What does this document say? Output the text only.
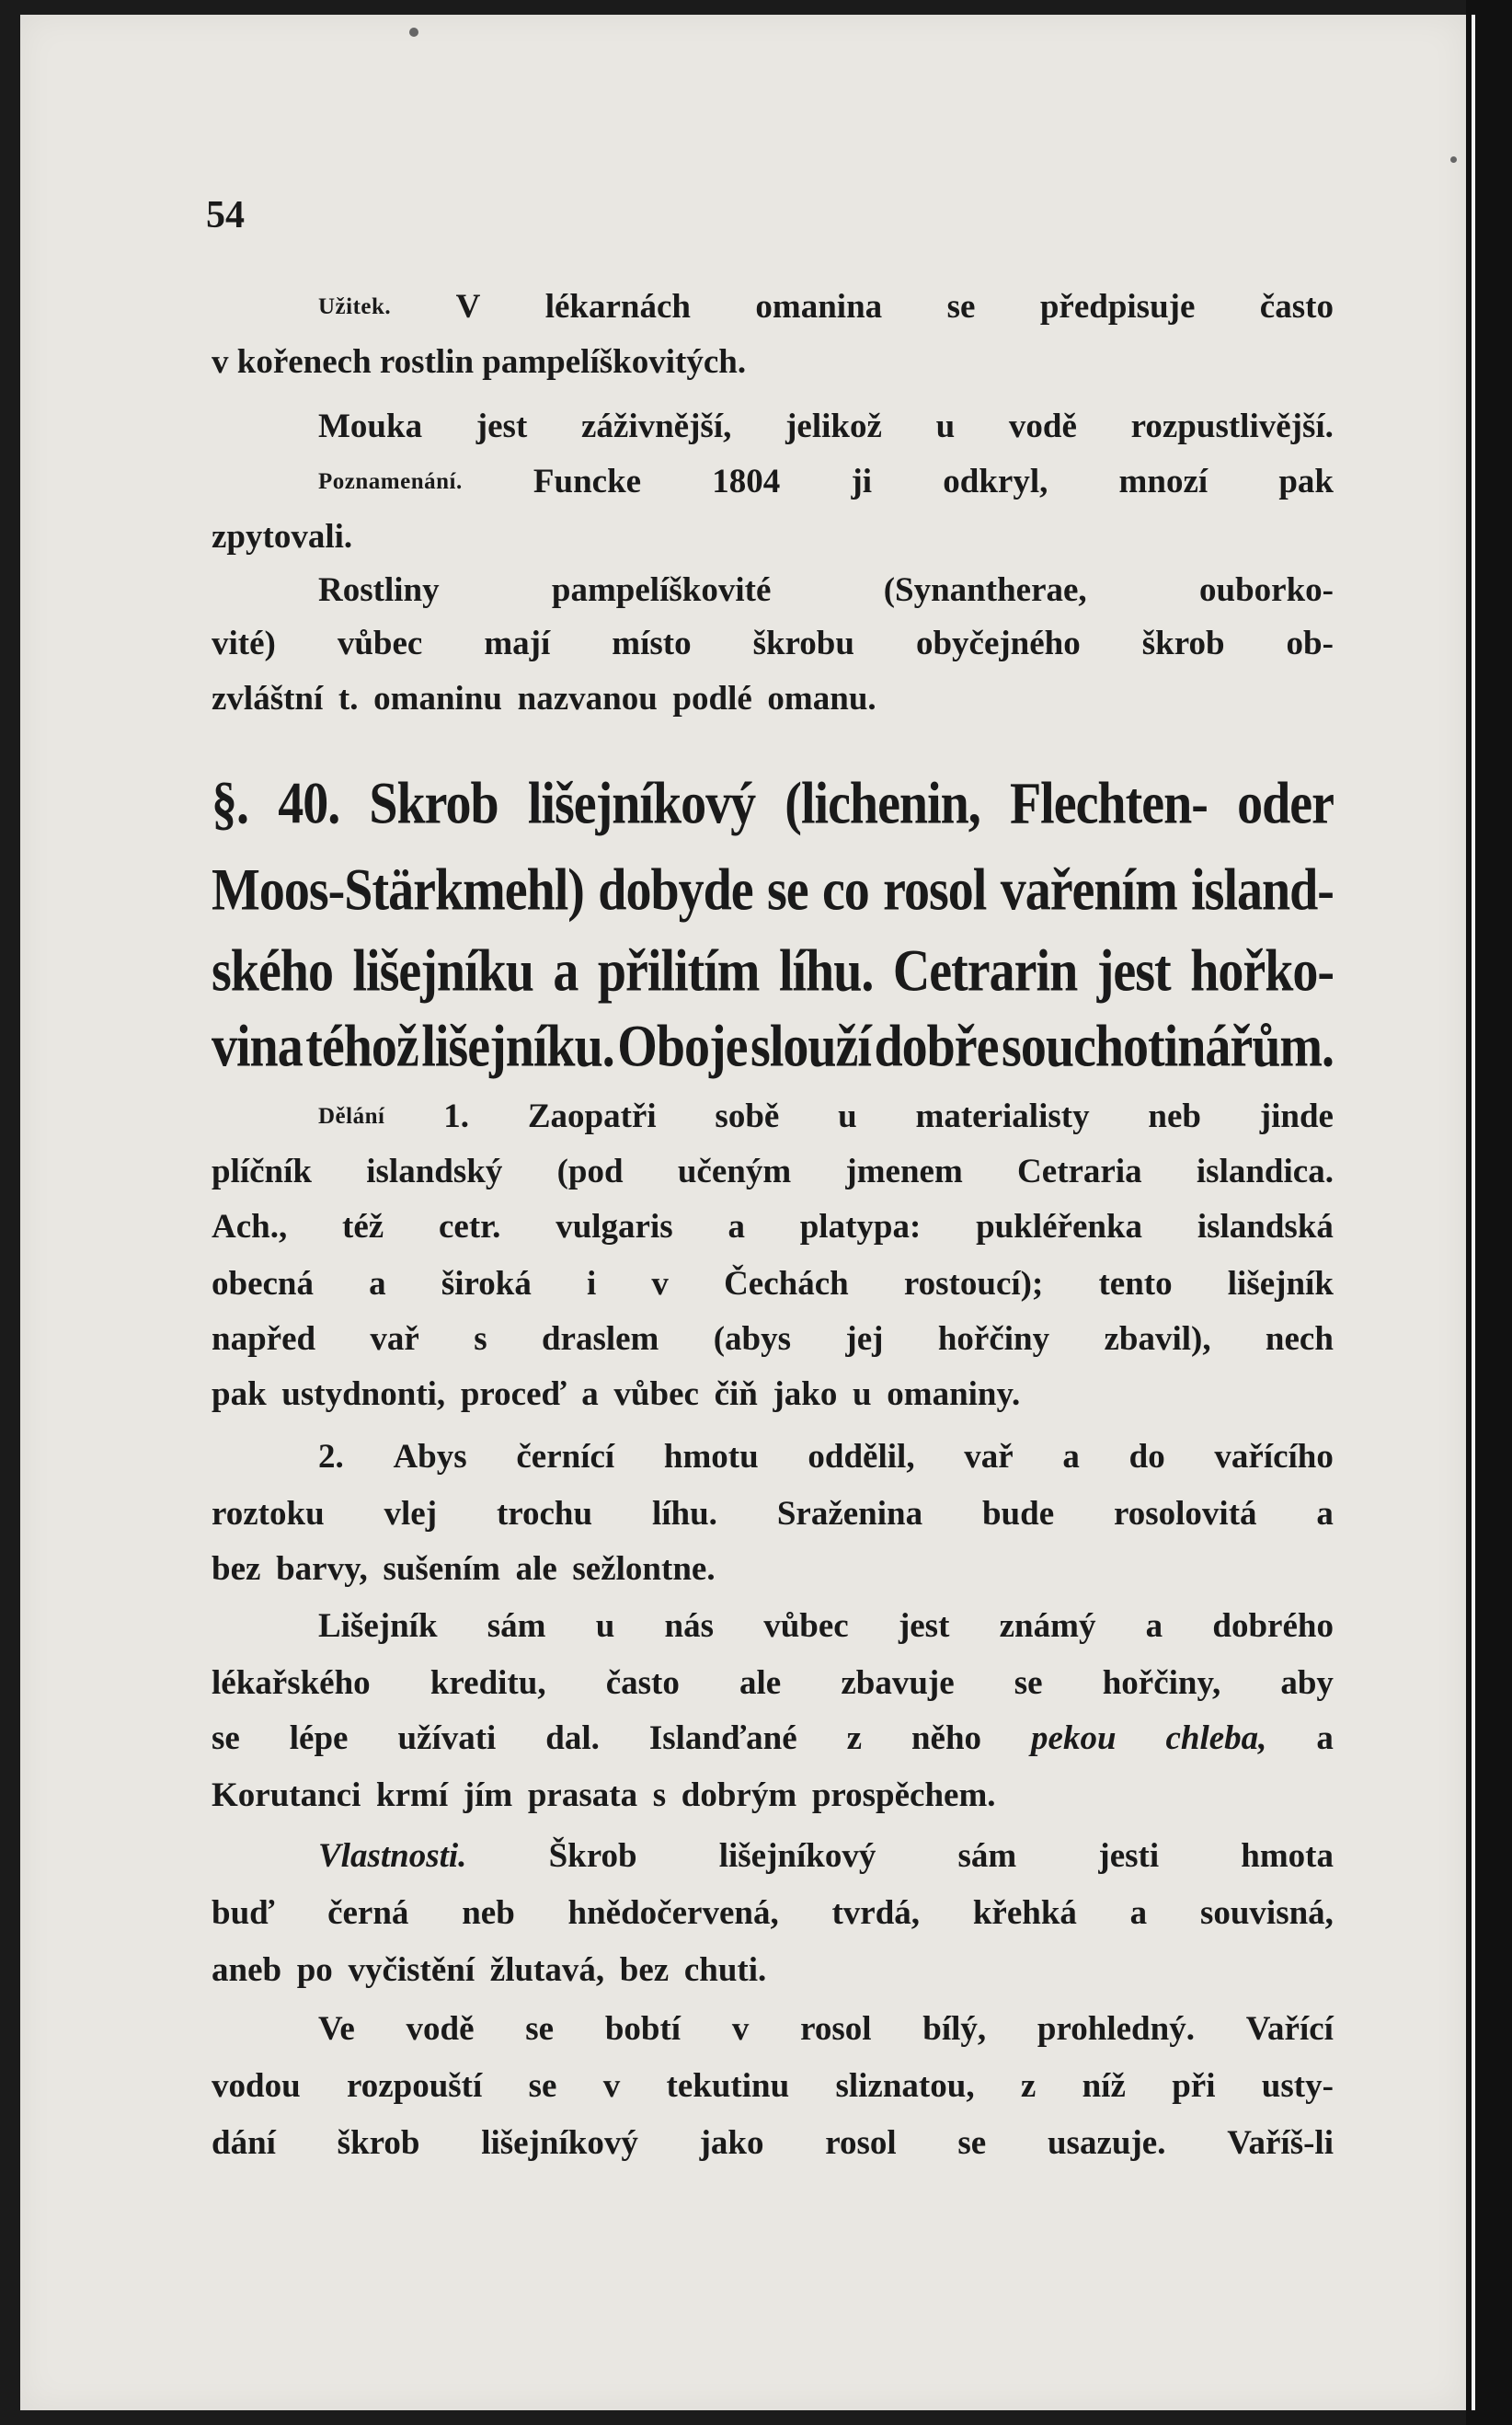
54
Užitek. V lékarnách omanina se předpisuje často
v kořenech rostlin pampelíškovitých.
Mouka jest záživnější, jelikož u vodě rozpustlivější.
Poznamenání. Funcke 1804 ji odkryl, mnozí pak
zpytovali.
Rostliny	pampelíškovité	(Synantherae,	ouborko-
vité) vůbec mají místo škrobu obyčejného škrob ob-
zvláštní t. omaninu nazvanou podlé omanu.
§. 40. Skrob lišejníkový (lichenin, Flechten- oder
Moos-Stärkmehl) dobyde se co rosol vařením island-
ského lišejníku a přilitím líhu. Cetrarin jest hořko-
vina téhož lišejníku. Oboje slouží dobře souchotinářům.
Dělání 1. Zaopatři sobě u materialisty neb jinde
plíčník islandský (pod učeným jmenem Cetraria islandica.
Ach., též cetr. vulgaris a platypa: pukléřenka islandská
obecná a široká i v Čechách rostoucí); tento lišejník
napřed vař s draslem (abys jej hořčiny zbavil), nech
pak ustydnonti, proceď a vůbec čiň jako u omaniny.
2. Abys černící hmotu oddělil, vař a do vařícího
roztoku vlej trochu líhu. Sraženina bude rosolovitá a
bez barvy, sušením ale sežlontne.
Lišejník sám u nás vůbec jest známý a dobrého
lékařského kreditu, často ale zbavuje se hořčiny, aby
se lépe užívati dal. Islanďané z něho pekou chleba, a
Korutanci krmí jím prasata s dobrým prospěchem.
Vlastnosti. Škrob lišejníkový sám jesti hmota
buď černá neb hnědočervená, tvrdá, křehká a souvisná,
aneb po vyčistění žlutavá, bez chuti.
Ve vodě se bobtí v rosol bílý, prohledný. Vařící
vodou rozpouští se v tekutinu sliznatou, z níž při usty-
dání škrob lišejníkový jako rosol se usazuje. Vaříš-li
